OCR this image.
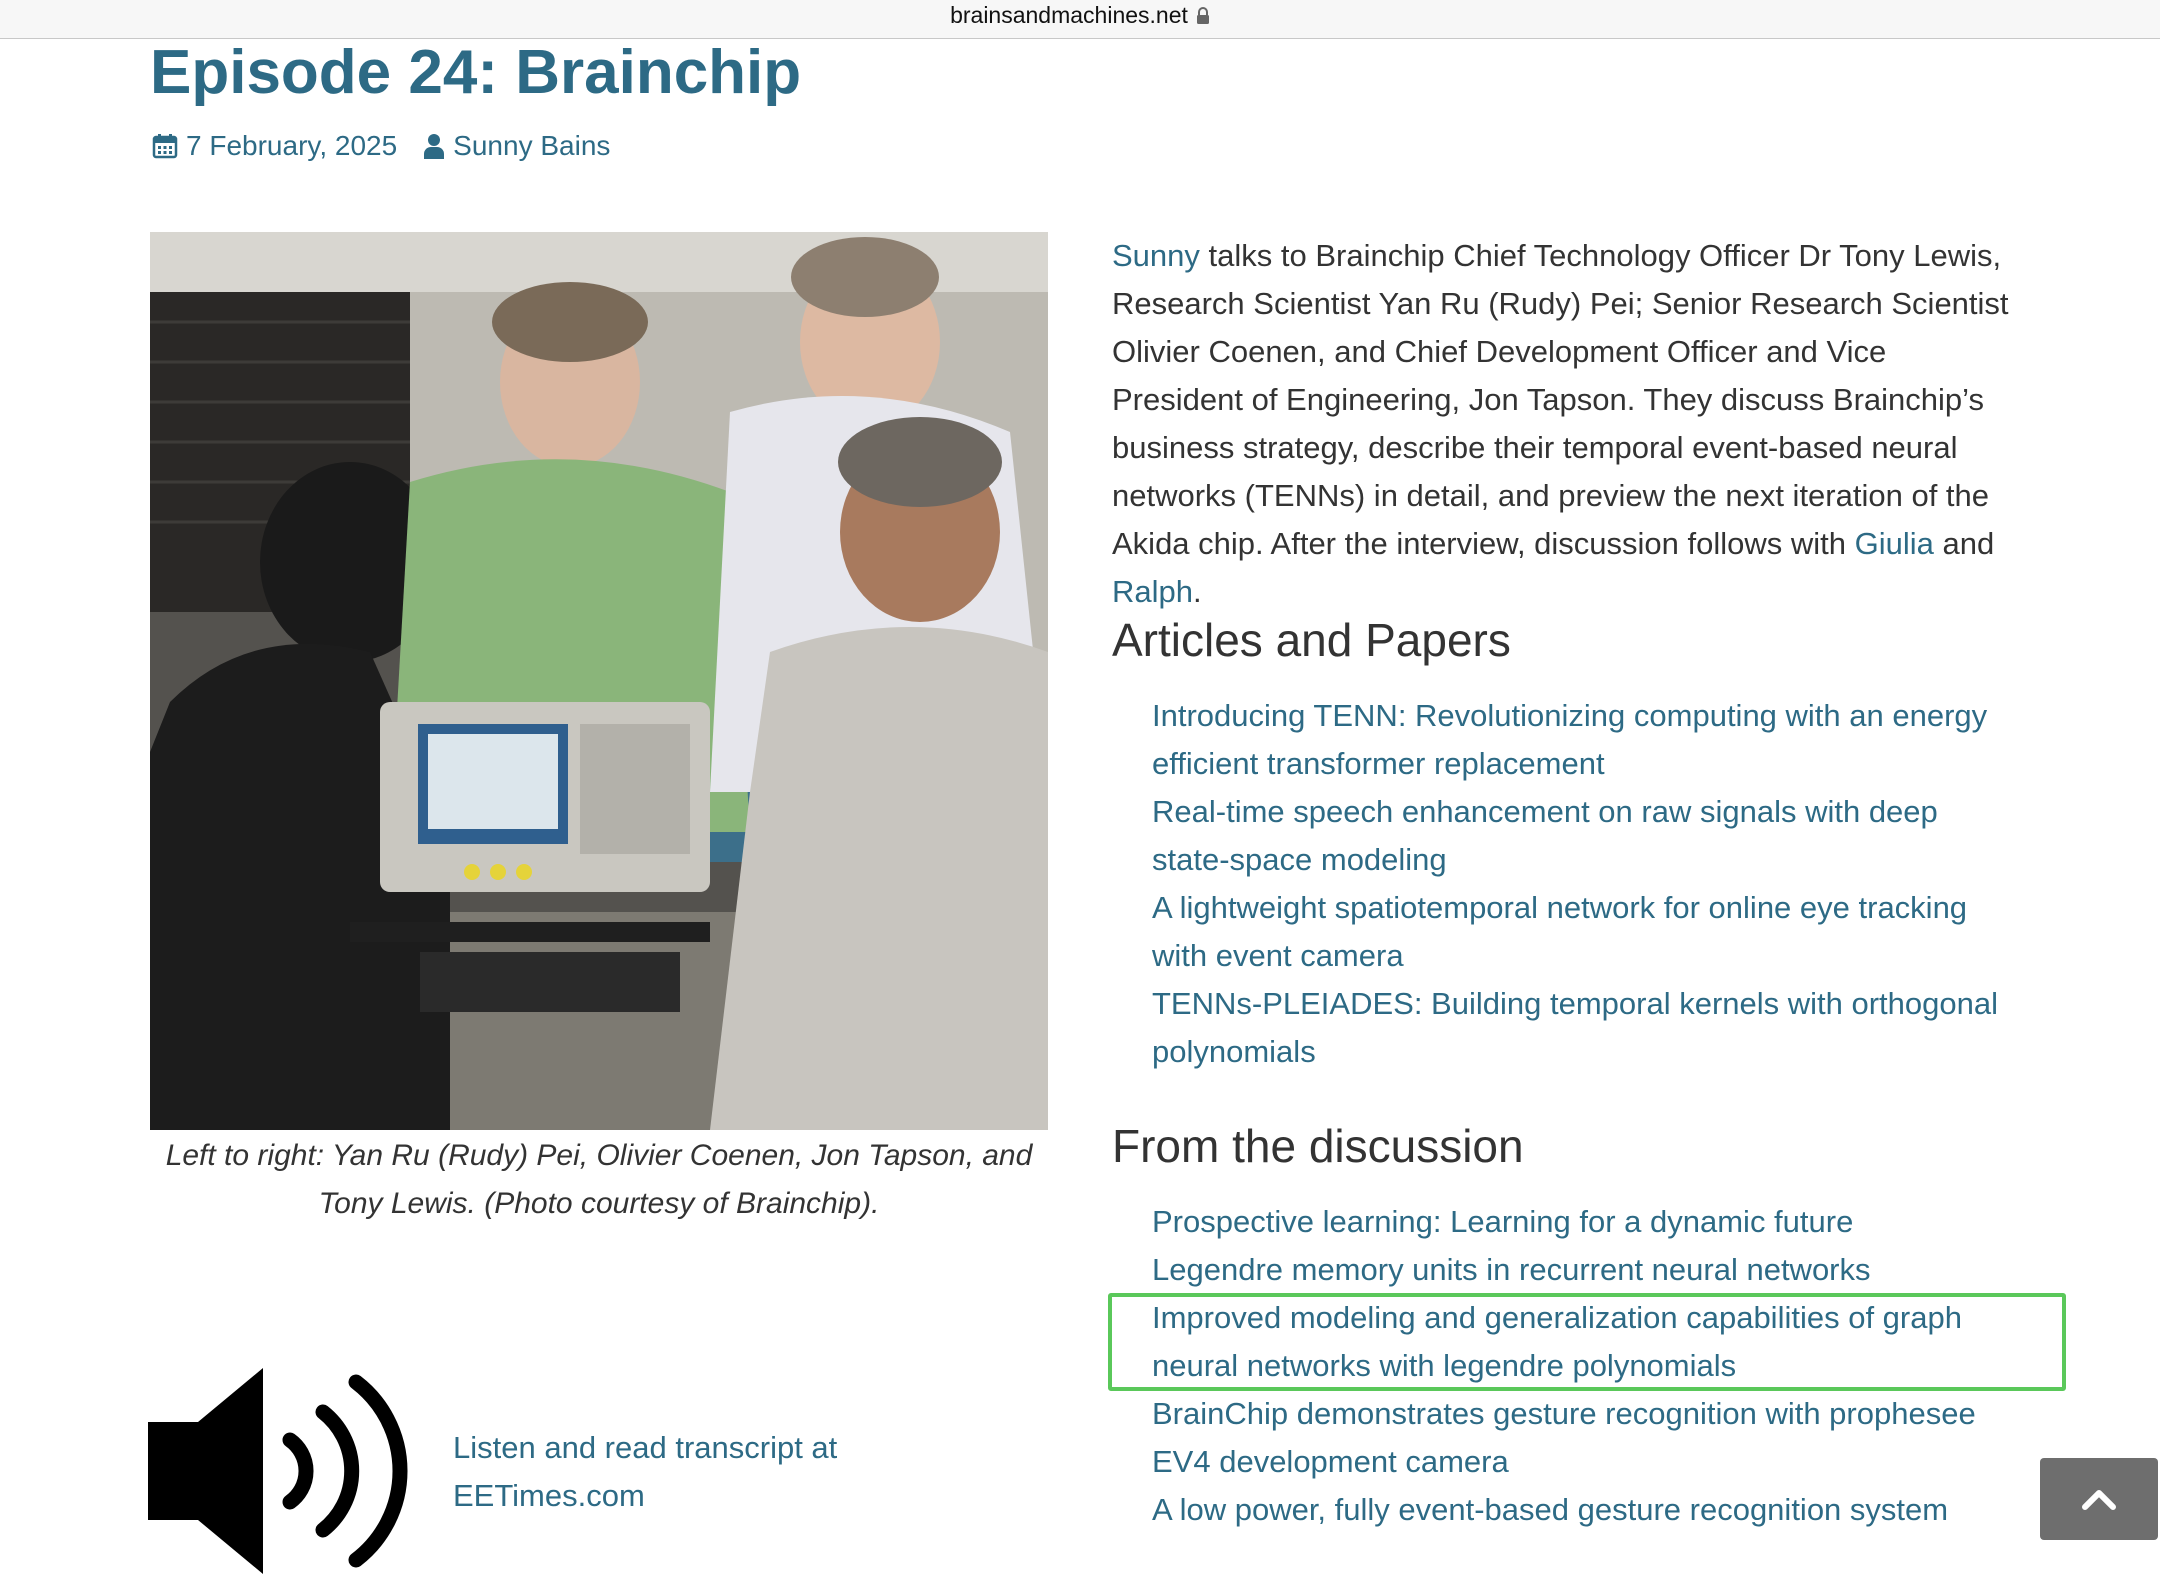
brainsandmachines.net
Episode 24: Brainchip
7 February, 2025 Sunny Bains
Left to right: Yan Ru (Rudy) Pei, Olivier Coenen, Jon Tapson, and Tony Lewis. (Photo courtesy of Brainchip).

Sunny talks to Brainchip Chief Technology Officer Dr Tony Lewis, Research Scientist Yan Ru (Rudy) Pei; Senior Research Scientist Olivier Coenen, and Chief Development Officer and Vice President of Engineering, Jon Tapson. They discuss Brainchip’s business strategy, describe their temporal event-based neural networks (TENNs) in detail, and preview the next iteration of the Akida chip. After the interview, discussion follows with Giulia and Ralph.

Articles and Papers
Introducing TENN: Revolutionizing computing with an energy efficient transformer replacement
Real-time speech enhancement on raw signals with deep state-space modeling
A lightweight spatiotemporal network for online eye tracking with event camera
TENNs-PLEIADES: Building temporal kernels with orthogonal polynomials
From the discussion
Prospective learning: Learning for a dynamic future
Legendre memory units in recurrent neural networks
Improved modeling and generalization capabilities of graph neural networks with legendre polynomials
BrainChip demonstrates gesture recognition with prophesee EV4 development camera
A low power, fully event-based gesture recognition system
Listen and read transcript at EETimes.com
